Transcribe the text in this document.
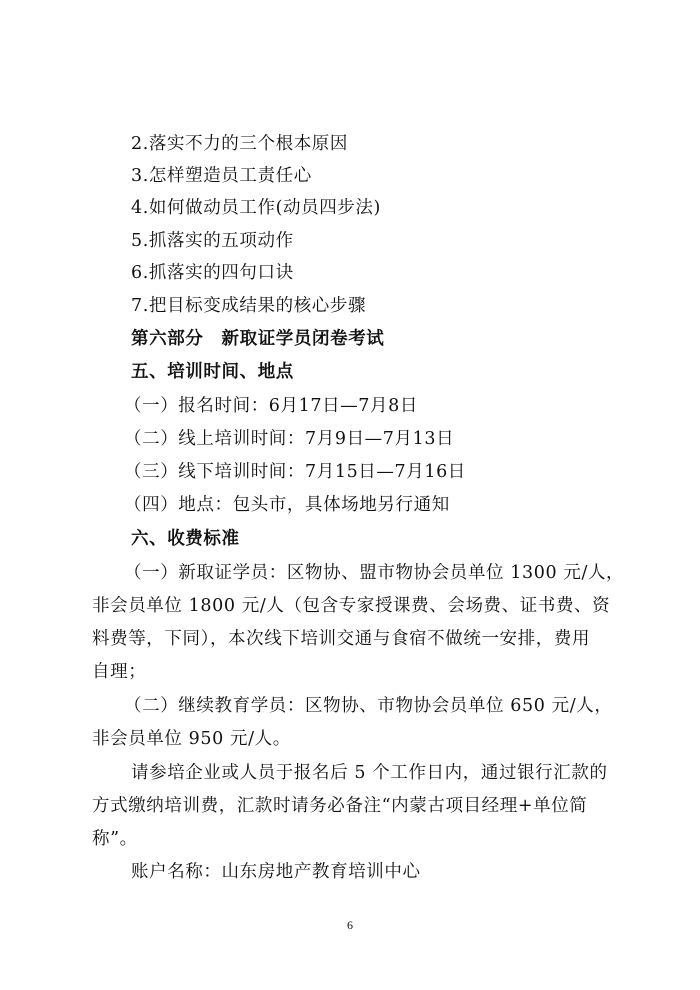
2.落实不力的三个根本原因
3.怎样塑造员工责任心
4.如何做动员工作(动员四步法)
5.抓落实的五项动作
6.抓落实的四句口诀
7.把目标变成结果的核心步骤
第六部分　新取证学员闭卷考试
五、培训时间、地点
（一）报名时间：6月17日—7月8日
（二）线上培训时间：7月9日—7月13日
（三）线下培训时间：7月15日—7月16日
（四）地点：包头市，具体场地另行通知
六、收费标准
（一）新取证学员：区物协、盟市物协会员单位 1300 元/人，
非会员单位 1800 元/人（包含专家授课费、会场费、证书费、资
料费等，下同），本次线下培训交通与食宿不做统一安排，费用
自理；
（二）继续教育学员：区物协、市物协会员单位 650 元/人，
非会员单位 950 元/人。
请参培企业或人员于报名后 5 个工作日内，通过银行汇款的
方式缴纳培训费，汇款时请务必备注“内蒙古项目经理+单位简
称”。
账户名称：山东房地产教育培训中心
6
